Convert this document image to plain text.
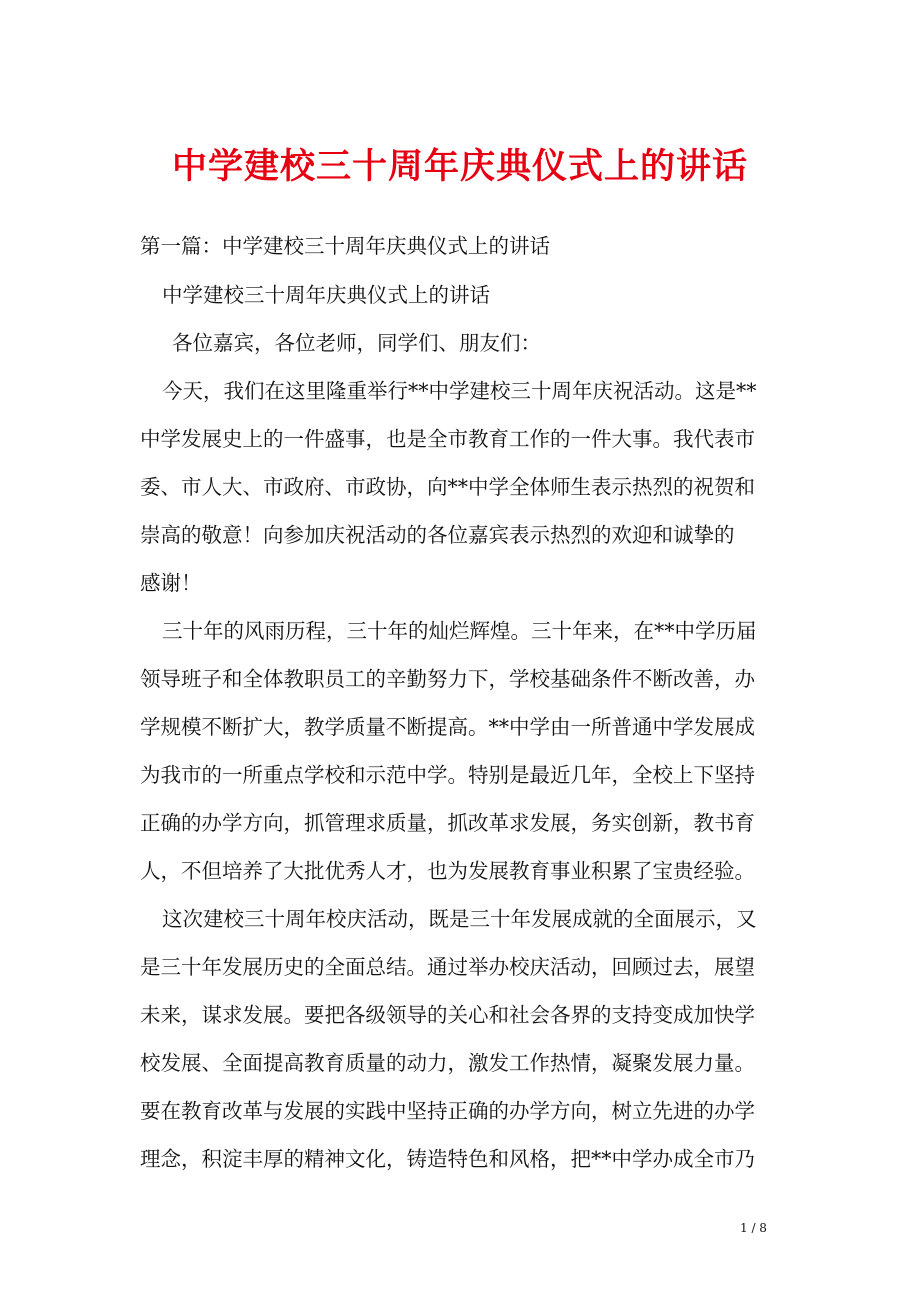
中学建校三十周年庆典仪式上的讲话
第一篇：中学建校三十周年庆典仪式上的讲话
中学建校三十周年庆典仪式上的讲话
各位嘉宾，各位老师，同学们、朋友们：
今天，我们在这里隆重举行**中学建校三十周年庆祝活动。这是**
中学发展史上的一件盛事，也是全市教育工作的一件大事。我代表市
委、市人大、市政府、市政协，向**中学全体师生表示热烈的祝贺和
崇高的敬意！向参加庆祝活动的各位嘉宾表示热烈的欢迎和诚挚的
感谢！
三十年的风雨历程，三十年的灿烂辉煌。三十年来，在**中学历届
领导班子和全体教职员工的辛勤努力下，学校基础条件不断改善，办
学规模不断扩大，教学质量不断提高。**中学由一所普通中学发展成
为我市的一所重点学校和示范中学。特别是最近几年，全校上下坚持
正确的办学方向，抓管理求质量，抓改革求发展，务实创新，教书育
人，不但培养了大批优秀人才，也为发展教育事业积累了宝贵经验。
这次建校三十周年校庆活动，既是三十年发展成就的全面展示，又
是三十年发展历史的全面总结。通过举办校庆活动，回顾过去，展望
未来，谋求发展。要把各级领导的关心和社会各界的支持变成加快学
校发展、全面提高教育质量的动力，激发工作热情，凝聚发展力量。
要在教育改革与发展的实践中坚持正确的办学方向，树立先进的办学
理念，积淀丰厚的精神文化，铸造特色和风格，把**中学办成全市乃
1 / 8
